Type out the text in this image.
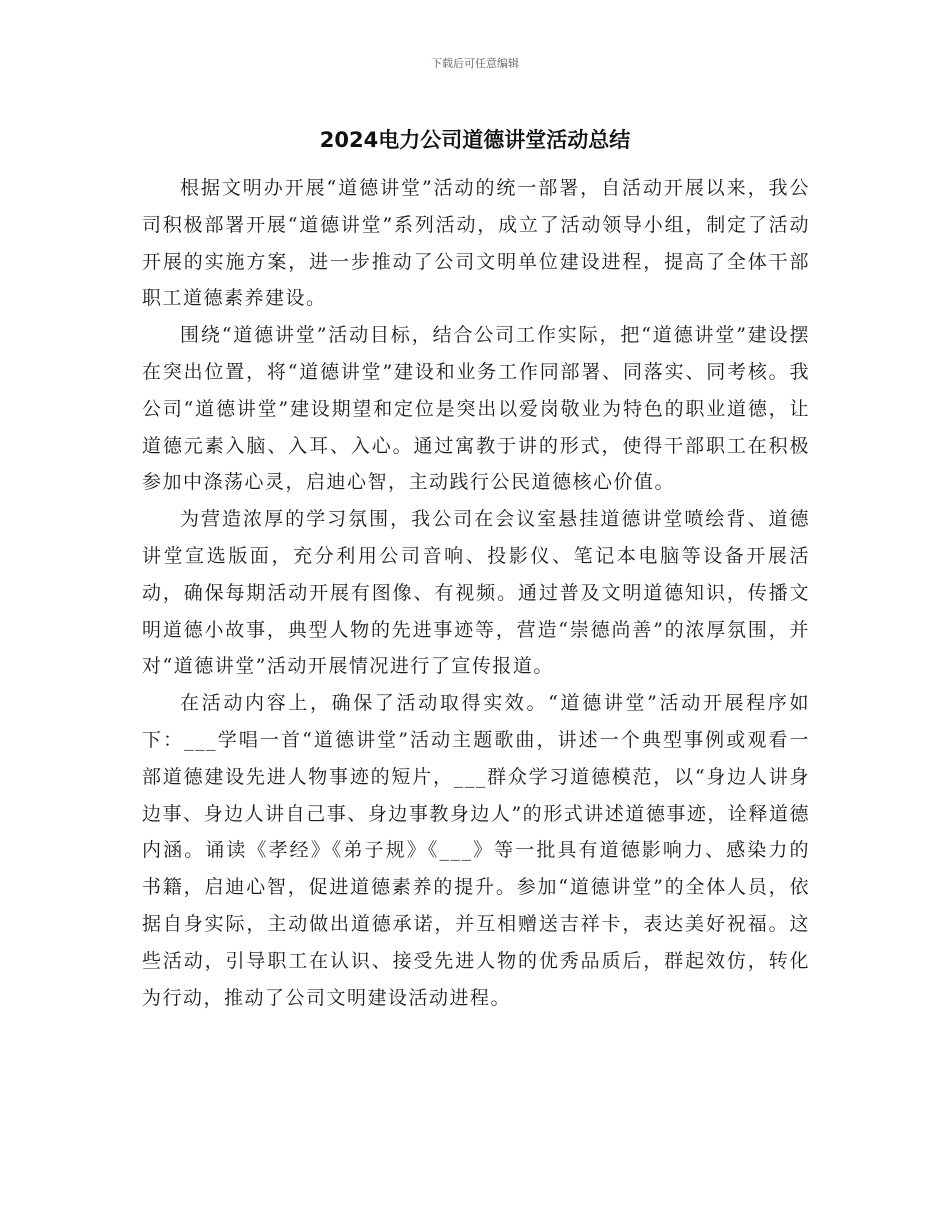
下载后可任意编辑
2024电力公司道德讲堂活动总结

根据文明办开展“道德讲堂”活动的统一部署，自活动开展以来，我公司积极部署开展“道德讲堂”系列活动，成立了活动领导小组，制定了活动开展的实施方案，进一步推动了公司文明单位建设进程，提高了全体干部职工道德素养建设。

围绕“道德讲堂”活动目标，结合公司工作实际，把“道德讲堂”建设摆在突出位置，将“道德讲堂”建设和业务工作同部署、同落实、同考核。我公司“道德讲堂”建设期望和定位是突出以爱岗敬业为特色的职业道德，让道德元素入脑、入耳、入心。通过寓教于讲的形式，使得干部职工在积极参加中涤荡心灵，启迪心智，主动践行公民道德核心价值。

为营造浓厚的学习氛围，我公司在会议室悬挂道德讲堂喷绘背、道德讲堂宣选版面，充分利用公司音响、投影仪、笔记本电脑等设备开展活动，确保每期活动开展有图像、有视频。通过普及文明道德知识，传播文明道德小故事，典型人物的先进事迹等，营造“崇德尚善”的浓厚氛围，并对“道德讲堂”活动开展情况进行了宣传报道。

在活动内容上，确保了活动取得实效。“道德讲堂”活动开展程序如下：___学唱一首“道德讲堂”活动主题歌曲，讲述一个典型事例或观看一部道德建设先进人物事迹的短片，___群众学习道德模范，以“身边人讲身边事、身边人讲自己事、身边事教身边人”的形式讲述道德事迹，诠释道德内涵。诵读《孝经》《弟子规》《___》等一批具有道德影响力、感染力的书籍，启迪心智，促进道德素养的提升。参加“道德讲堂”的全体人员，依据自身实际，主动做出道德承诺，并互相赠送吉祥卡，表达美好祝福。这些活动，引导职工在认识、接受先进人物的优秀品质后，群起效仿，转化为行动，推动了公司文明建设活动进程。
